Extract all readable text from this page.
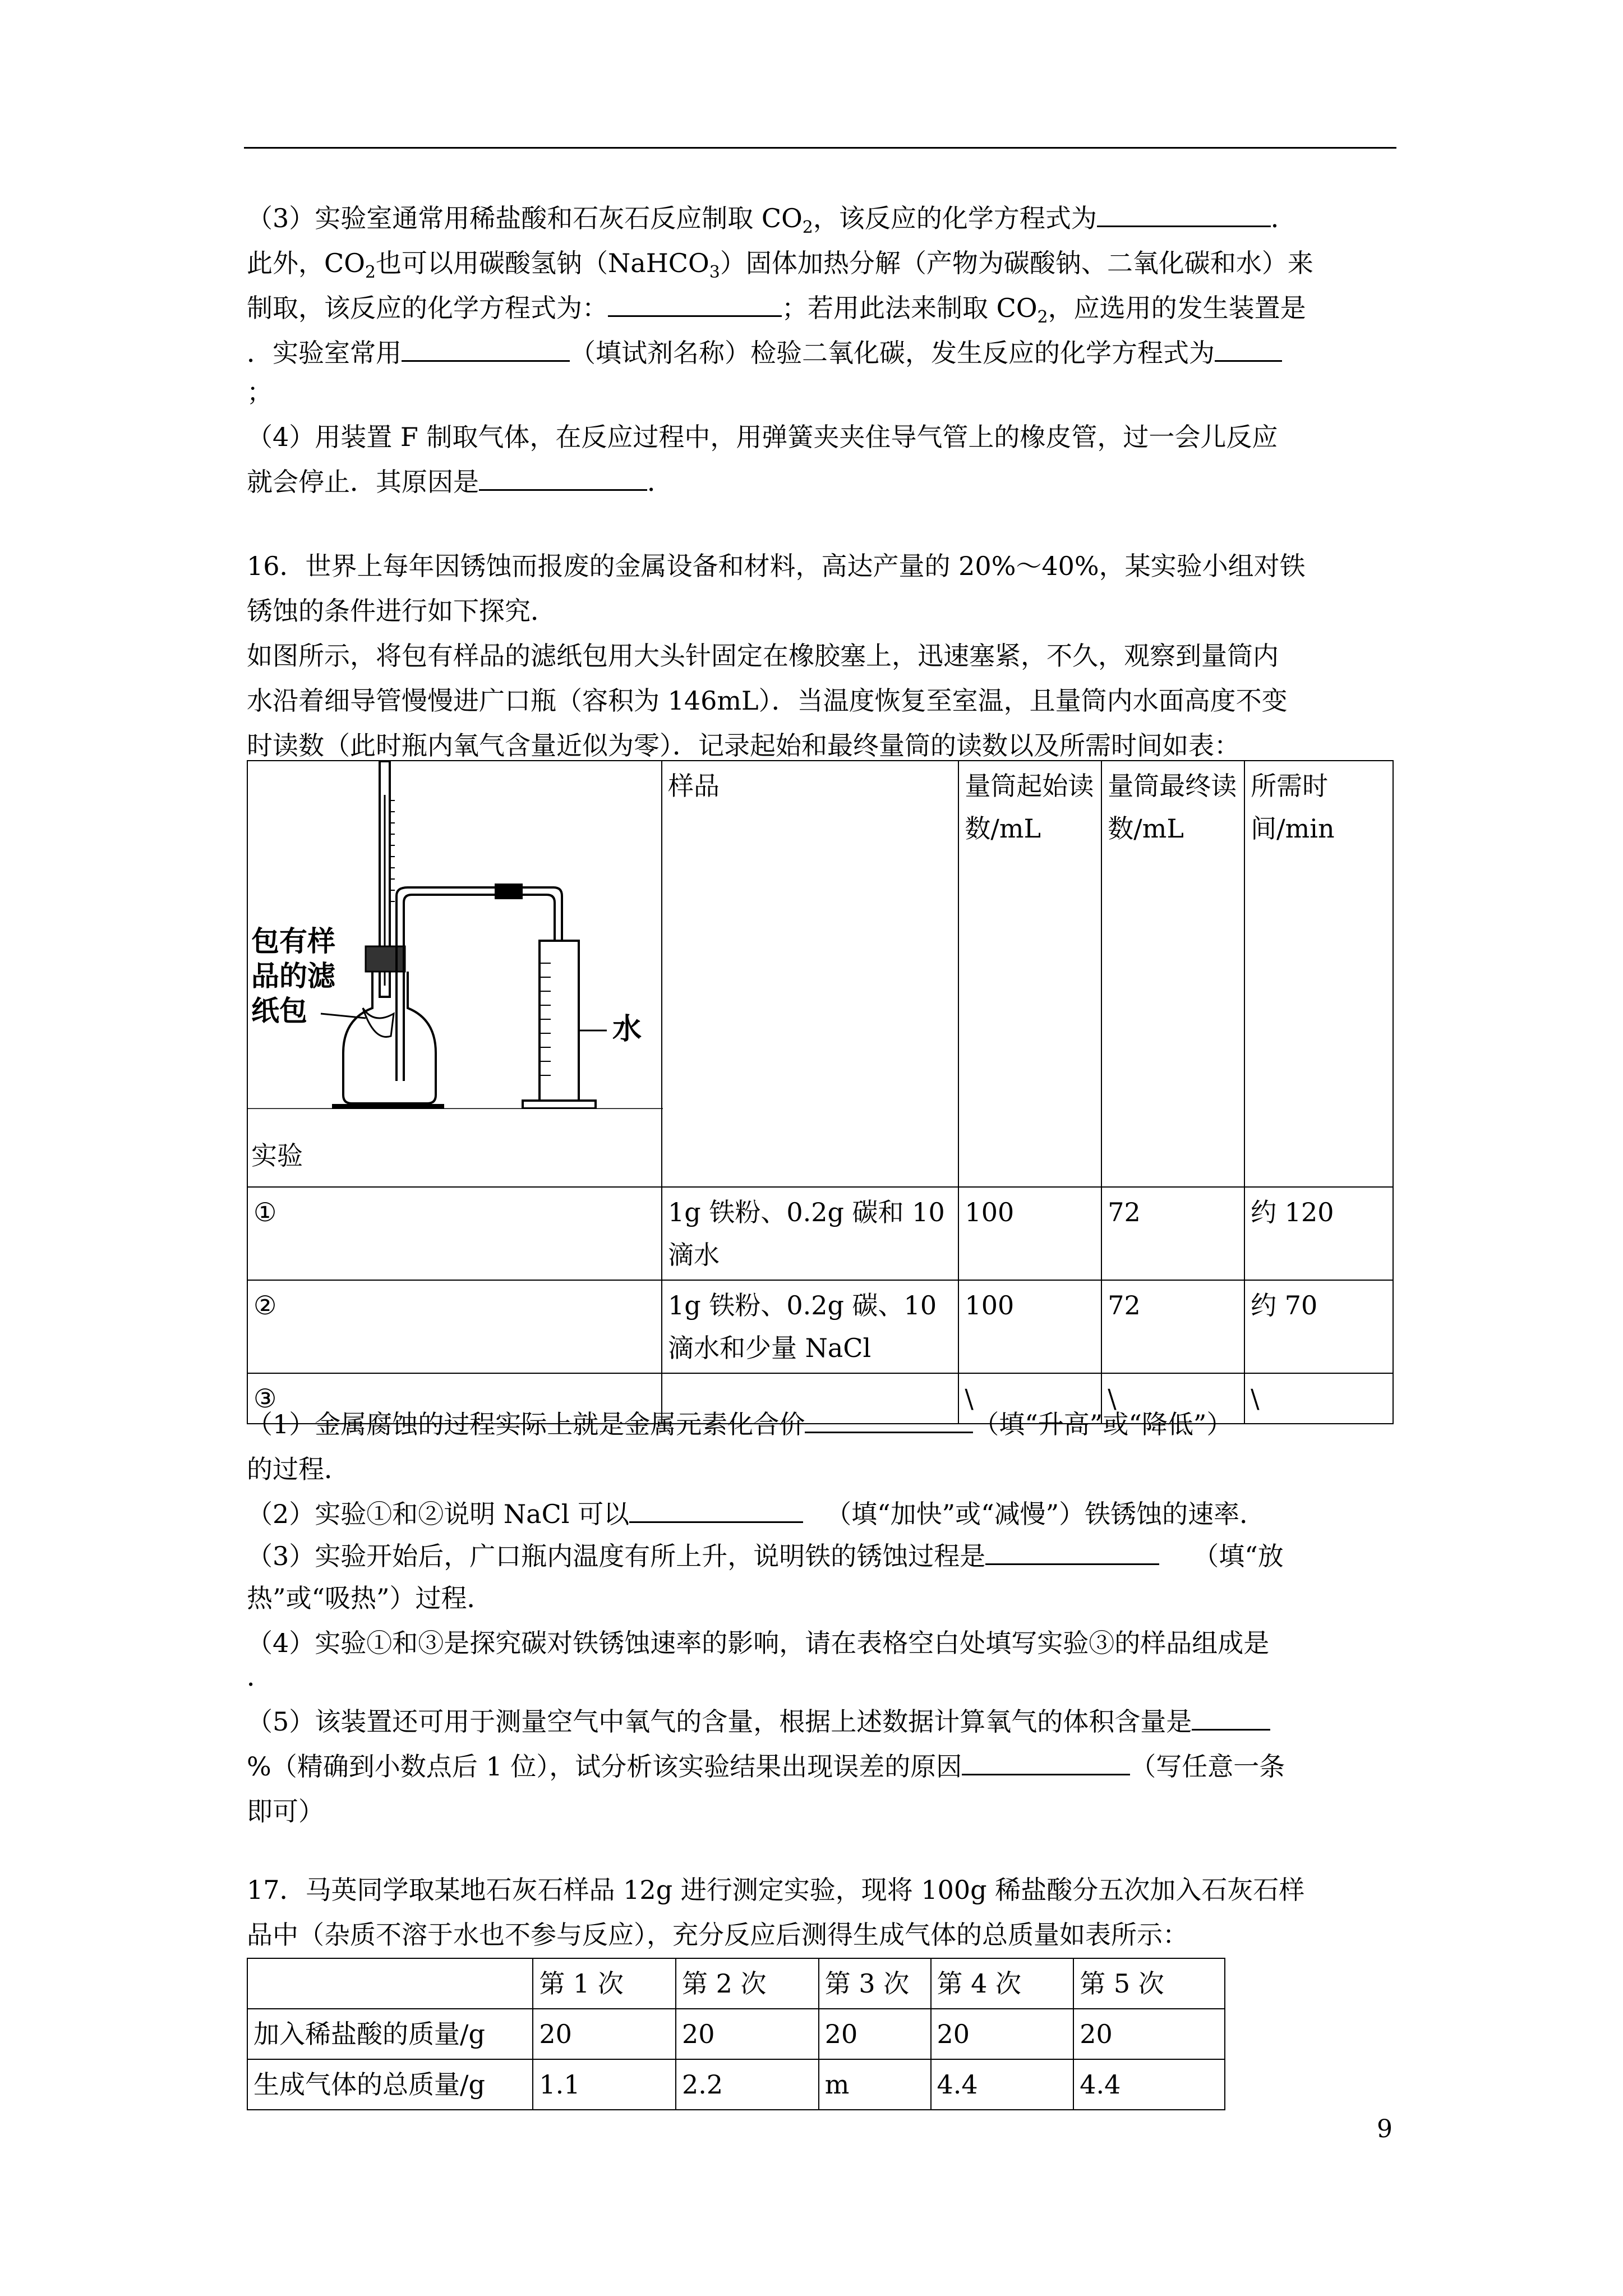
（3）实验室通常用稀盐酸和石灰石反应制取 $CO_2$，该反应的化学方程式为	．
此外，$CO_2$也可以用碳酸氢钠（NaHCO$_3$）固体加热分解（产物为碳酸钠、二氧化碳和水）来
制取，该反应的化学方程式为：	；若用此法来制取 $CO_2$，应选用的发生装置是
．实验室常用	（填试剂名称）检验二氧化碳，发生反应的化学方程式为
；
（4）用装置 F 制取气体，在反应过程中，用弹簧夹夹住导气管上的橡皮管，过一会儿反应
就会停止．其原因是	．
16．世界上每年因锈蚀而报废的金属设备和材料，高达产量的 20%～40%，某实验小组对铁
锈蚀的条件进行如下探究．
如图所示，将包有样品的滤纸包用大头针固定在橡胶塞上，迅速塞紧，不久，观察到量筒内
水沿着细导管慢慢进广口瓶（容积为 146mL）．当温度恢复至室温，且量筒内水面高度不变
时读数（此时瓶内氧气含量近似为零）．记录起始和最终量筒的读数以及所需时间如表：
包有样
品的滤
纸包
水
实验	样品	量筒起始读数/mL	量筒最终读数/mL	所需时间/min
①	1g 铁粉、0.2g 碳和 10 滴水	100	72	约 120
②	1g 铁粉、0.2g 碳、10 滴水和少量 NaCl	100	72	约 70
③		\	\	\
（1）金属腐蚀的过程实际上就是金属元素化合价	（填“升高”或“降低”）
的过程．
（2）实验①和②说明 NaCl 可以	（填“加快”或“减慢”）铁锈蚀的速率．
（3）实验开始后，广口瓶内温度有所上升，说明铁的锈蚀过程是	（填“放
热”或“吸热”）过程．
（4）实验①和③是探究碳对铁锈蚀速率的影响，请在表格空白处填写实验③的样品组成是
．
（5）该装置还可用于测量空气中氧气的含量，根据上述数据计算氧气的体积含量是
%（精确到小数点后 1 位），试分析该实验结果出现误差的原因	（写任意一条
即可）
17．马英同学取某地石灰石样品 12g 进行测定实验，现将 100g 稀盐酸分五次加入石灰石样
品中（杂质不溶于水也不参与反应），充分反应后测得生成气体的总质量如表所示：
	第 1 次	第 2 次	第 3 次	第 4 次	第 5 次
加入稀盐酸的质量/g	20	20	20	20	20
生成气体的总质量/g	1.1	2.2	m	4.4	4.4
9
